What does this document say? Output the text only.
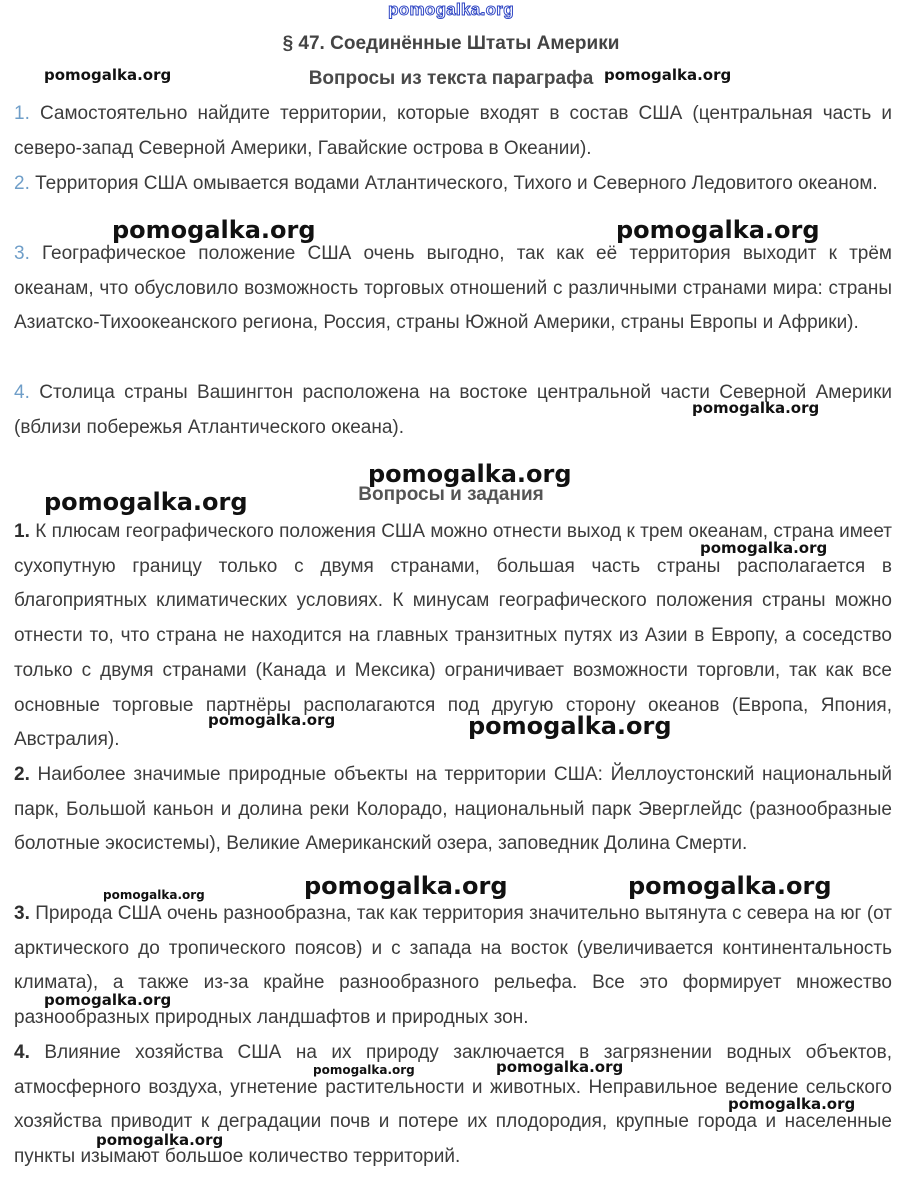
pomogalka.org
§ 47. Соединённые Штаты Америки
Вопросы из текста параграфа
1. Самостоятельно найдите территории, которые входят в состав США (центральная часть и северо-запад Северной Америки, Гавайские острова в Океании).
2. Территория США омывается водами Атлантического, Тихого и Северного Ледовитого океаном.
3. Географическое положение США очень выгодно, так как её территория выходит к трём океанам, что обусловило возможность торговых отношений с различными странами мира: страны Азиатско-Тихоокеанского региона, Россия, страны Южной Америки, страны Европы и Африки).
4. Столица страны Вашингтон расположена на востоке центральной части Северной Америки (вблизи побережья Атлантического океана).
Вопросы и задания
1. К плюсам географического положения США можно отнести выход к трем океанам, страна имеет сухопутную границу только с двумя странами, большая часть страны располагается в благоприятных климатических условиях. К минусам географического положения страны можно отнести то, что страна не находится на главных транзитных путях из Азии в Европу, а соседство только с двумя странами (Канада и Мексика) ограничивает возможности торговли, так как все основные торговые партнёры располагаются под другую сторону океанов (Европа, Япония, Австралия).
2. Наиболее значимые природные объекты на территории США: Йеллоустонский национальный парк, Большой каньон и долина реки Колорадо, национальный парк Эверглейдс (разнообразные болотные экосистемы), Великие Американский озера, заповедник Долина Смерти.
3. Природа США очень разнообразна, так как территория значительно вытянута с севера на юг (от арктического до тропического поясов) и с запада на восток (увеличивается континентальность климата), а также из-за крайне разнообразного рельефа. Все это формирует множество разнообразных природных ландшафтов и природных зон.
4. Влияние хозяйства США на их природу заключается в загрязнении водных объектов, атмосферного воздуха, угнетение растительности и животных. Неправильное ведение сельского хозяйства приводит к деградации почв и потере их плодородия, крупные города и населенные пункты изымают большое количество территорий.
pomogalka.org	pomogalka.org
pomogalka.org	pomogalka.org
pomogalka.org
pomogalka.org
pomogalka.org
pomogalka.org
pomogalka.org	pomogalka.org
pomogalka.org	pomogalka.org
pomogalka.org
pomogalka.org
pomogalka.org	pomogalka.org
pomogalka.org
pomogalka.org
